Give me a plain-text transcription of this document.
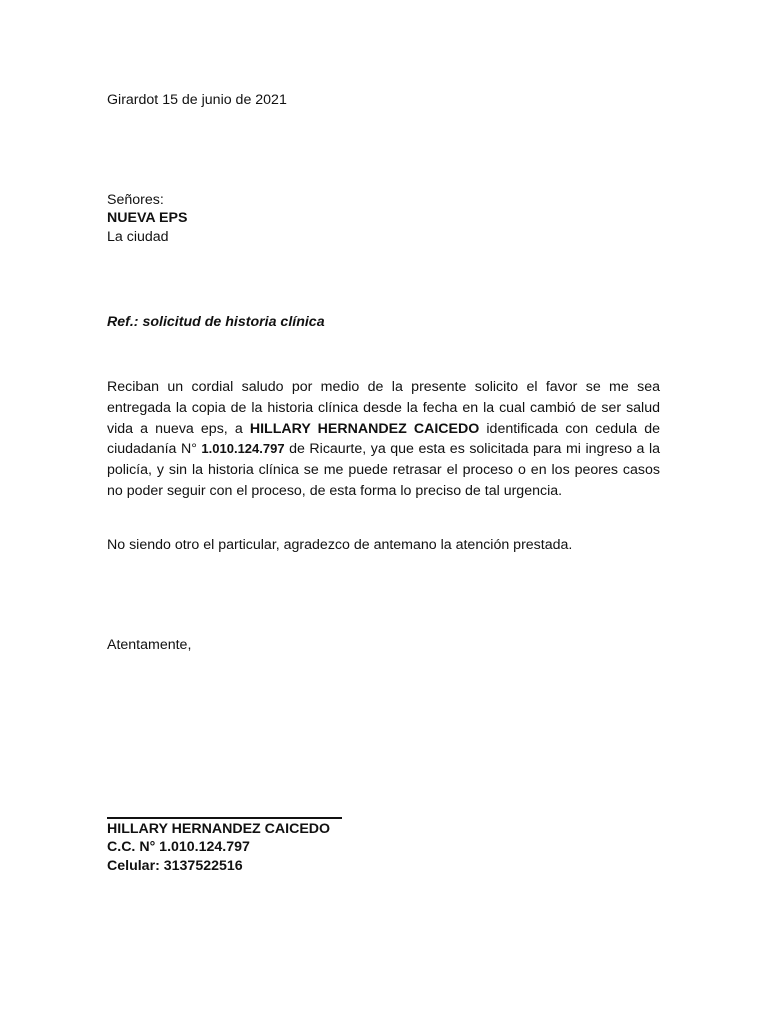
Girardot 15 de junio de 2021
Señores:
NUEVA EPS
La ciudad
Ref.: solicitud de historia clínica
Reciban un cordial saludo por medio de la presente solicito el favor se me sea entregada la copia de la historia clínica desde la fecha en la cual cambió de ser salud vida a nueva eps, a HILLARY HERNANDEZ CAICEDO identificada con cedula de ciudadanía N° 1.010.124.797 de Ricaurte, ya que esta es solicitada para mi ingreso a la policía, y sin la historia clínica se me puede retrasar el proceso o en los peores casos no poder seguir con el proceso, de esta forma lo preciso de tal urgencia.
No siendo otro el particular, agradezco de antemano la atención prestada.
Atentamente,
HILLARY HERNANDEZ CAICEDO
C.C. N° 1.010.124.797
Celular: 3137522516
